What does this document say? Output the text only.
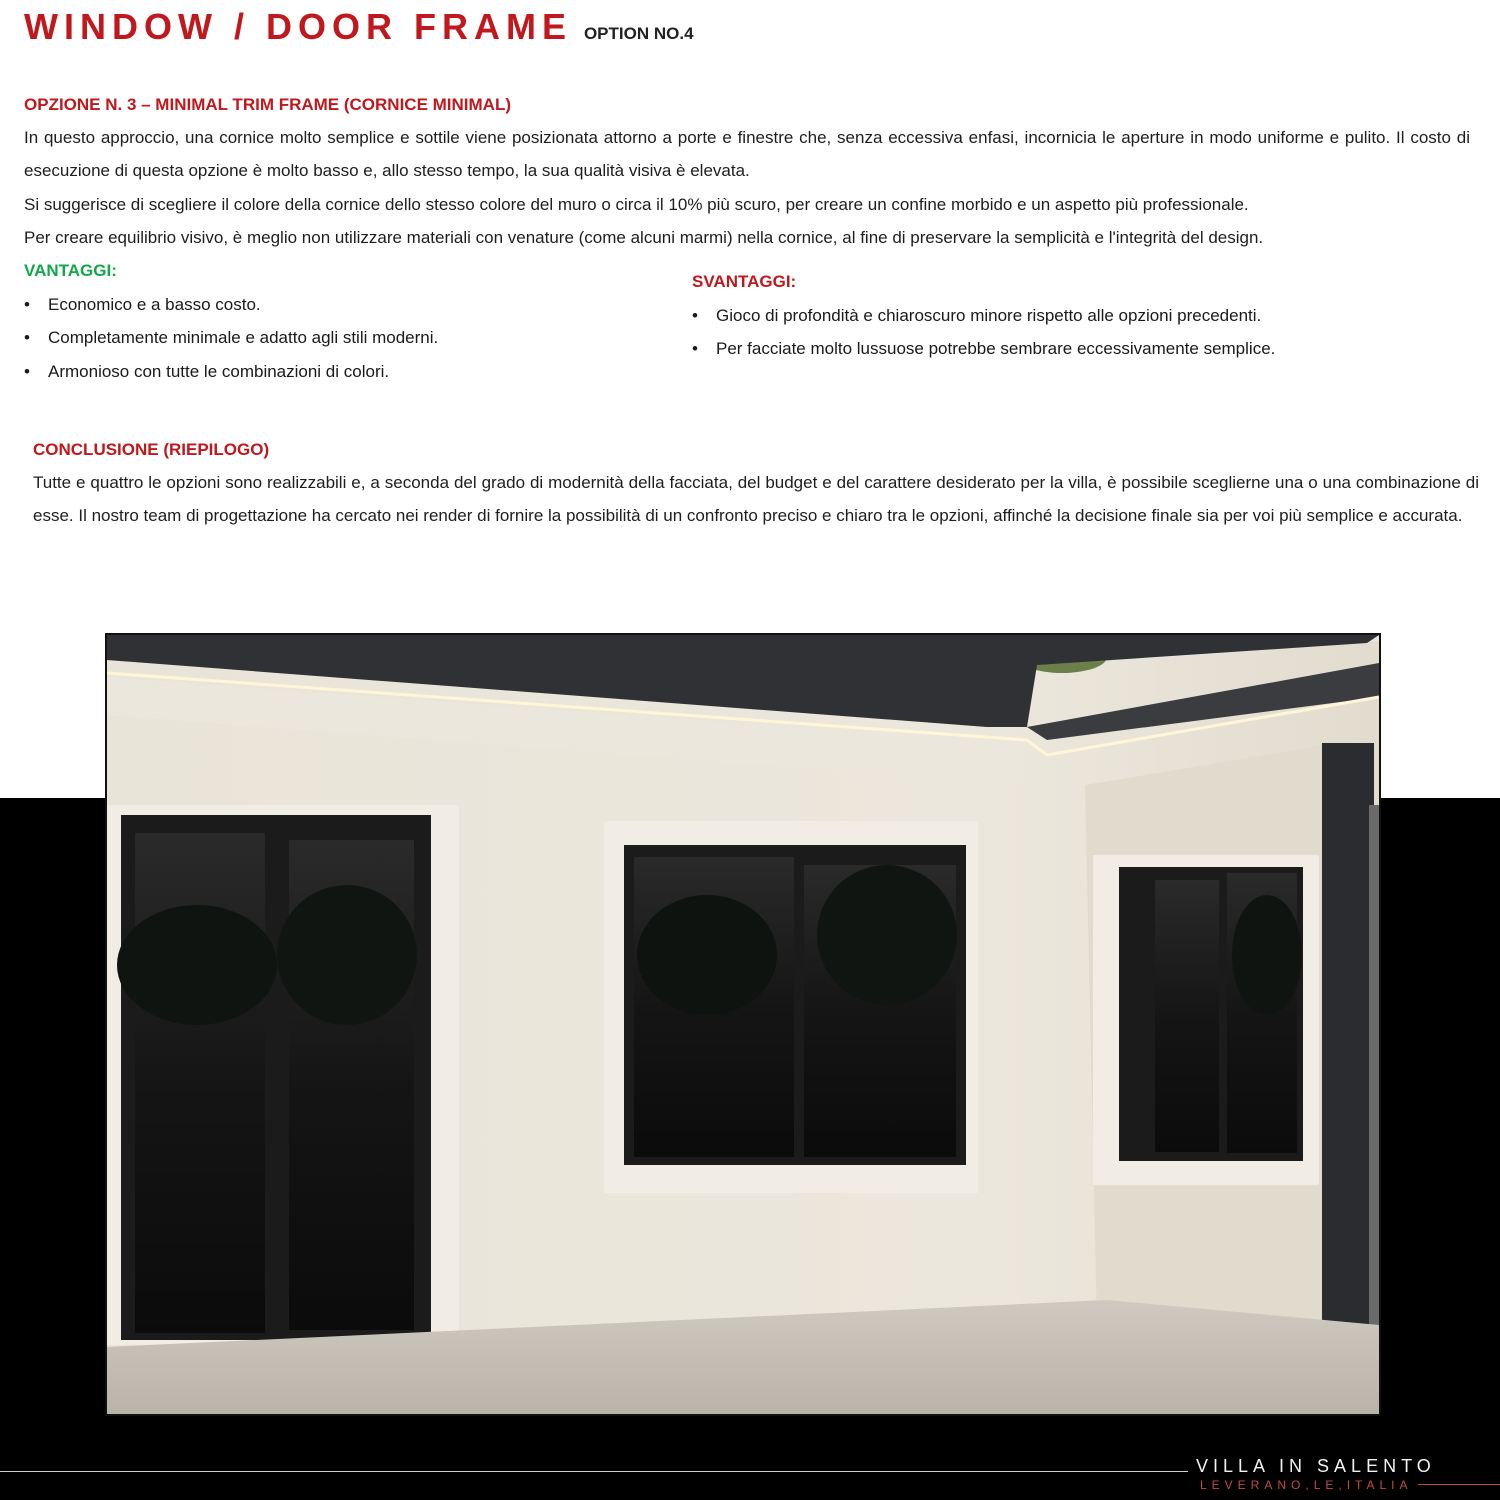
WINDOW / DOOR FRAME OPTION NO.4
OPZIONE N. 3 – MINIMAL TRIM FRAME (CORNICE MINIMAL)
In questo approccio, una cornice molto semplice e sottile viene posizionata attorno a porte e finestre che, senza eccessiva enfasi, incornicia le aperture in modo uniforme e pulito. Il costo di esecuzione di questa opzione è molto basso e, allo stesso tempo, la sua qualità visiva è elevata.
Si suggerisce di scegliere il colore della cornice dello stesso colore del muro o circa il 10% più scuro, per creare un confine morbido e un aspetto più professionale.
Per creare equilibrio visivo, è meglio non utilizzare materiali con venature (come alcuni marmi) nella cornice, al fine di preservare la semplicità e l'integrità del design.
VANTAGGI:
• Economico e a basso costo.
• Completamente minimale e adatto agli stili moderni.
• Armonioso con tutte le combinazioni di colori.
SVANTAGGI:
• Gioco di profondità e chiaroscuro minore rispetto alle opzioni precedenti.
• Per facciate molto lussuose potrebbe sembrare eccessivamente semplice.
CONCLUSIONE (RIEPILOGO)
Tutte e quattro le opzioni sono realizzabili e, a seconda del grado di modernità della facciata, del budget e del carattere desiderato per la villa, è possibile sceglierne una o una combinazione di esse. Il nostro team di progettazione ha cercato nei render di fornire la possibilità di un confronto preciso e chiaro tra le opzioni, affinché la decisione finale sia per voi più semplice e accurata.
VILLA IN SALENTO
LEVERANO,LE,ITALIA
